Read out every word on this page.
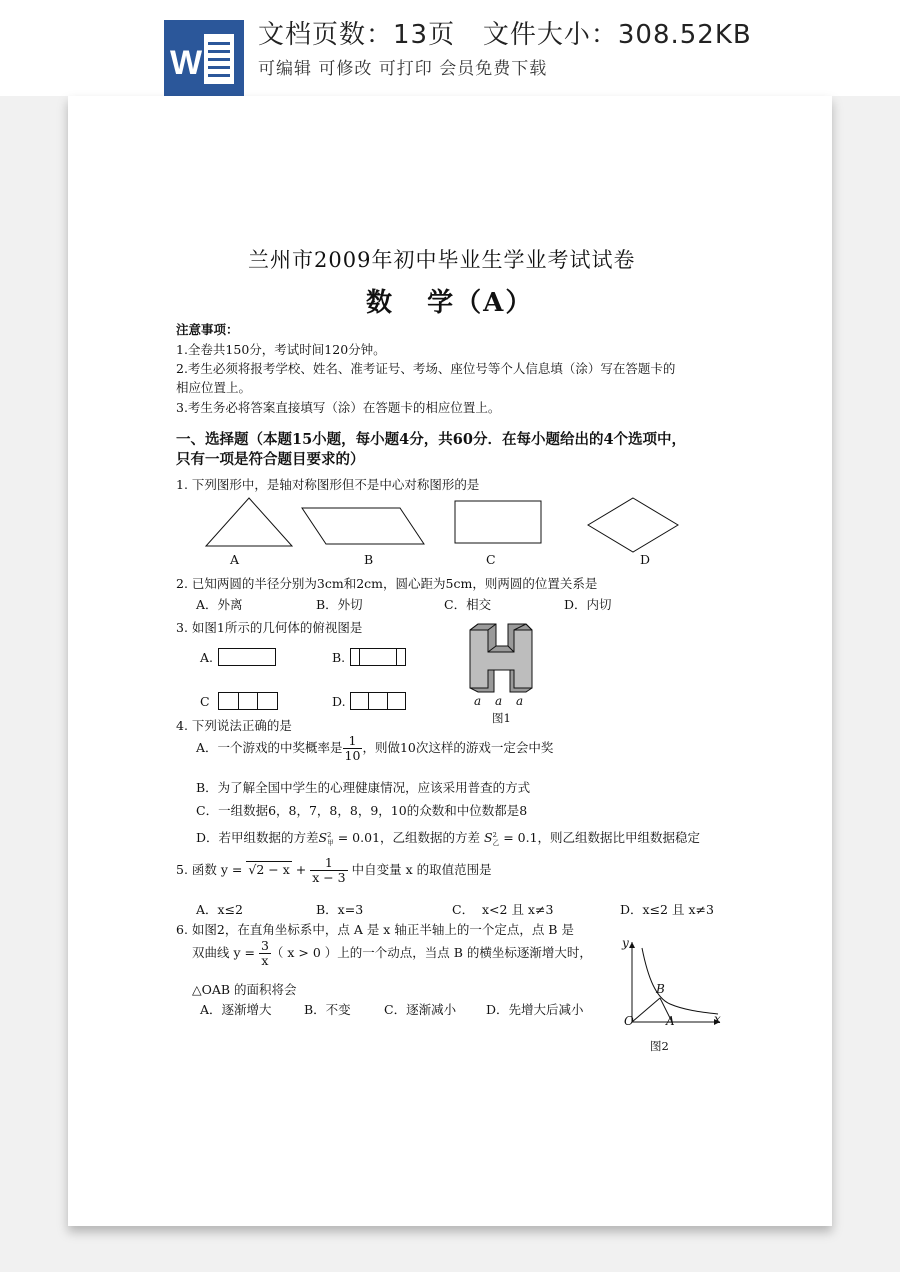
W
文档页数：13页   文件大小：308.52KB
可编辑 可修改 可打印 会员免费下载
兰州市2009年初中毕业生学业考试试卷
数   学（A）
注意事项：
1.全卷共150分，考试时间120分钟。
2.考生必须将报考学校、姓名、准考证号、考场、座位号等个人信息填（涂）写在答题卡的
相应位置上。
3.考生务必将答案直接填写（涂）在答题卡的相应位置上。
一、选择题（本题15小题，每小题4分，共60分．在每小题给出的4个选项中，
只有一项是符合题目要求的）
1. 下列图形中，是轴对称图形但不是中心对称图形的是
A	B	C	D
2. 已知两圆的半径分别为3cm和2cm，圆心距为5cm，则两圆的位置关系是
A．外离	B．外切	C．相交	D．内切
3. 如图1所示的几何体的俯视图是
A.	B.
C	D.	a a a
图1
4. 下列说法正确的是
A．一个游戏的中奖概率是 $\frac{1}{10}$ ，则做10次这样的游戏一定会中奖
B．为了解全国中学生的心理健康情况，应该采用普查的方式
C．一组数据6，8，7，8，8，9，10的众数和中位数都是8
D．若甲组数据的方差S 2
甲 = 0.01，乙组数据的方差 S 2
乙 = 0.1，则乙组数据比甲组数据稳定
5. 函数 $y = √2 - x + \frac{1}{x - 3}$ 中自变量 x 的取值范围是
A．x≤2	B．x=3	C．  x<2 且 x≠3	D．x≤2 且 x≠3
6. 如图2，在直角坐标系中，点 A 是 x 轴正半轴上的一个定点，点 B 是
双曲线 $y = \frac{3}{x}$ （ x > 0 ）上的一个动点，当点 B 的横坐标逐渐增大时，
△OAB 的面积将会
A．逐渐增大	B．不变	C．逐渐减小 D．先增大后减小
y
x
O	A
B
图2
